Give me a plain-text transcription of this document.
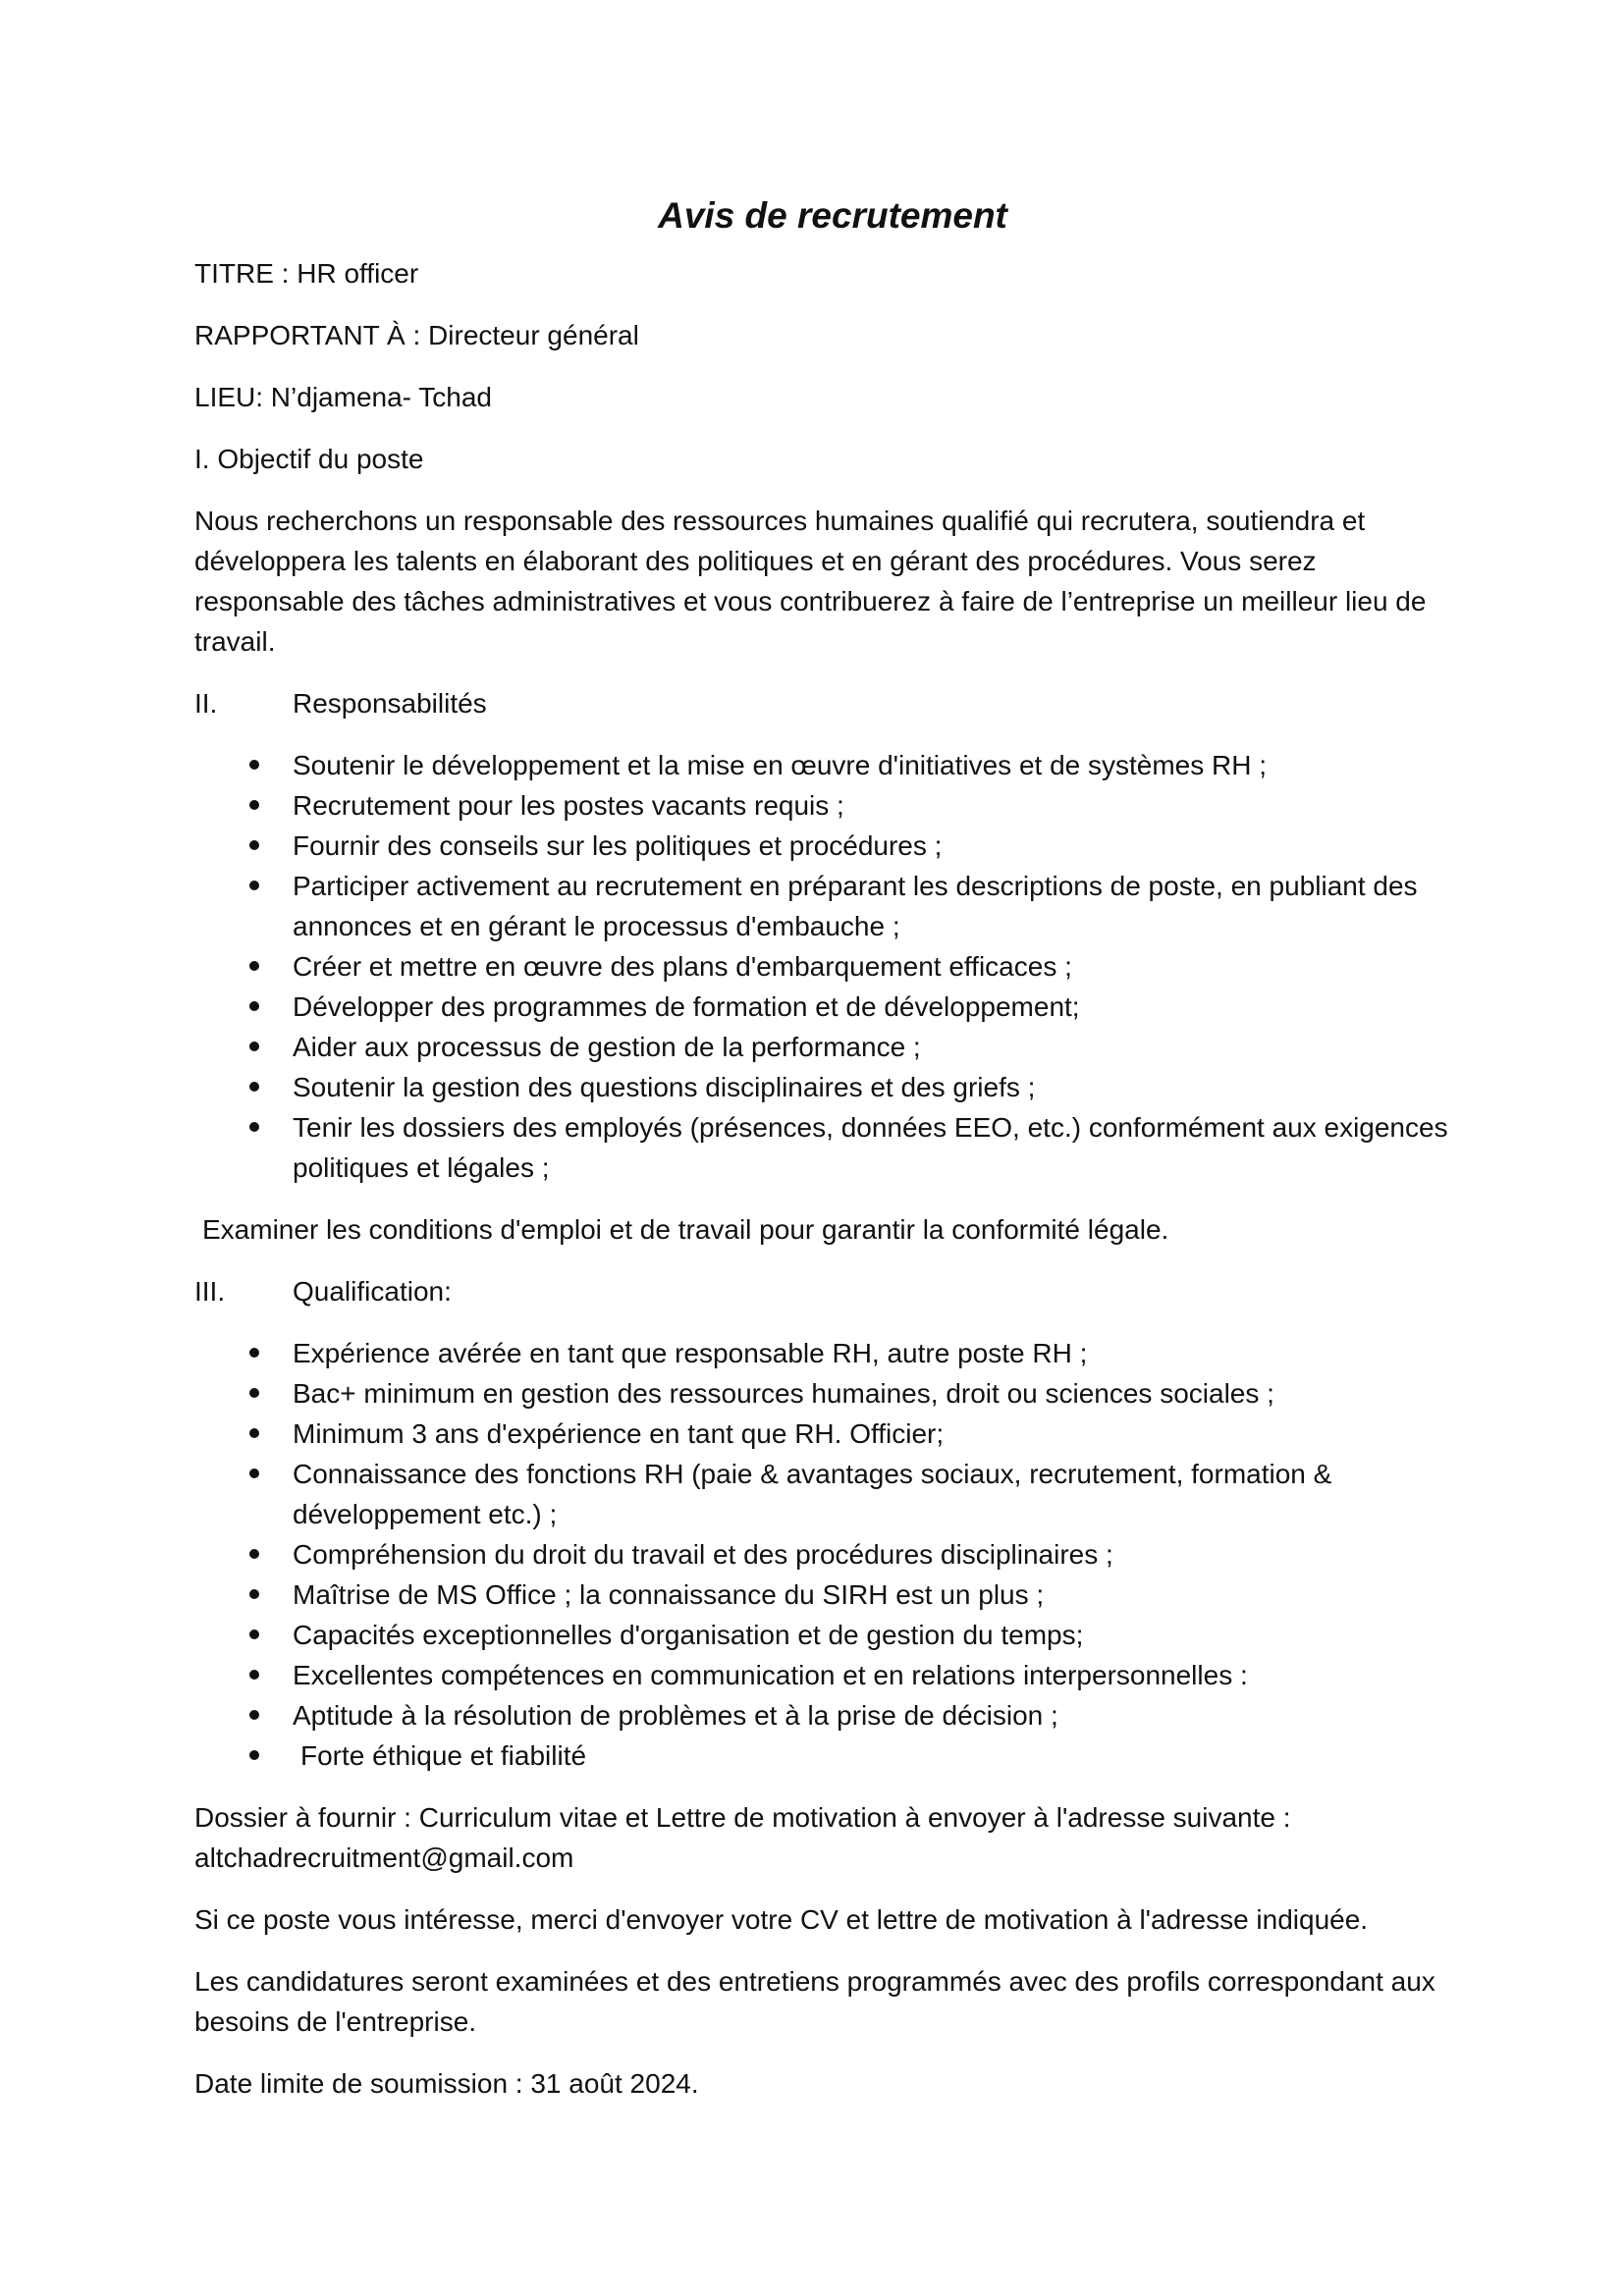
Avis de recrutement

TITRE : HR officer

RAPPORTANT À : Directeur général

LIEU: N’djamena- Tchad

I. Objectif du poste

Nous recherchons un responsable des ressources humaines qualifié qui recrutera, soutiendra et développera les talents en élaborant des politiques et en gérant des procédures. Vous serez responsable des tâches administratives et vous contribuerez à faire de l’entreprise un meilleur lieu de travail.

II.	Responsabilités
Soutenir le développement et la mise en œuvre d'initiatives et de systèmes RH ;
Recrutement pour les postes vacants requis ;
Fournir des conseils sur les politiques et procédures ;
Participer activement au recrutement en préparant les descriptions de poste, en publiant des annonces et en gérant le processus d'embauche ;
Créer et mettre en œuvre des plans d'embarquement efficaces ;
Développer des programmes de formation et de développement;
Aider aux processus de gestion de la performance ;
Soutenir la gestion des questions disciplinaires et des griefs ;
Tenir les dossiers des employés (présences, données EEO, etc.) conformément aux exigences politiques et légales ;

Examiner les conditions d'emploi et de travail pour garantir la conformité légale.

III.	Qualification:
Expérience avérée en tant que responsable RH, autre poste RH ;
Bac+ minimum en gestion des ressources humaines, droit ou sciences sociales ;
Minimum 3 ans d'expérience en tant que RH. Officier;
Connaissance des fonctions RH (paie & avantages sociaux, recrutement, formation & développement etc.) ;
Compréhension du droit du travail et des procédures disciplinaires ;
Maîtrise de MS Office ; la connaissance du SIRH est un plus ;
Capacités exceptionnelles d'organisation et de gestion du temps;
Excellentes compétences en communication et en relations interpersonnelles :
Aptitude à la résolution de problèmes et à la prise de décision ;
Forte éthique et fiabilité

Dossier à fournir : Curriculum vitae et Lettre de motivation à envoyer à l'adresse suivante :
altchadrecruitment@gmail.com

Si ce poste vous intéresse, merci d'envoyer votre CV et lettre de motivation à l'adresse indiquée.

Les candidatures seront examinées et des entretiens programmés avec des profils correspondant aux besoins de l'entreprise.

Date limite de soumission : 31 août 2024.
